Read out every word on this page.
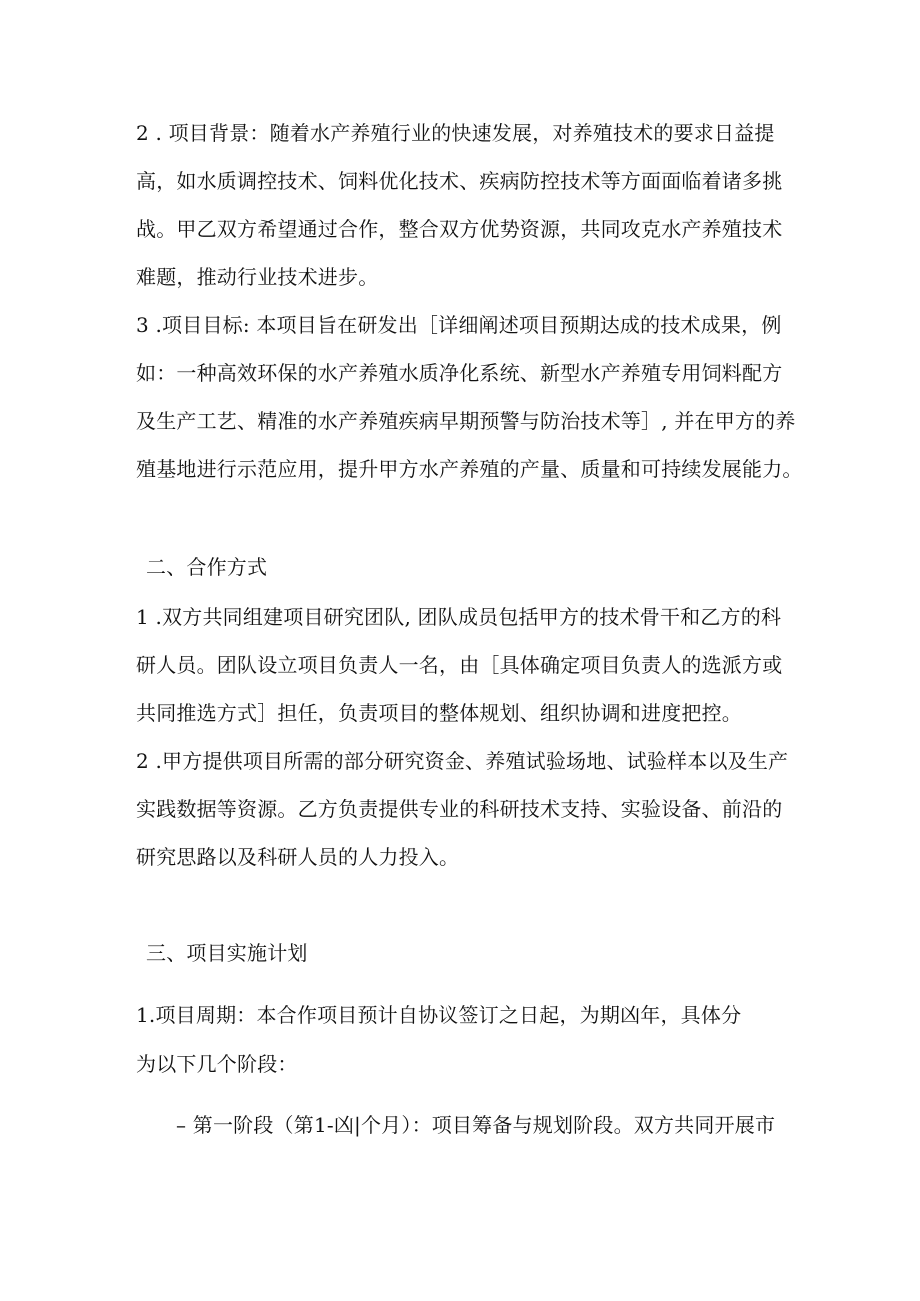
2 . 项目背景：随着水产养殖行业的快速发展，对养殖技术的要求日益提
高，如水质调控技术、饲料优化技术、疾病防控技术等方面面临着诸多挑
战。甲乙双方希望通过合作，整合双方优势资源，共同攻克水产养殖技术
难题，推动行业技术进步。
3 .项目目标: 本项目旨在研发出［详细阐述项目预期达成的技术成果，例
如：一种高效环保的水产养殖水质净化系统、新型水产养殖专用饲料配方
及生产工艺、精准的水产养殖疾病早期预警与防治技术等］, 并在甲方的养
殖基地进行示范应用，提升甲方水产养殖的产量、质量和可持续发展能力。
二、合作方式
1 .双方共同组建项目研究团队, 团队成员包括甲方的技术骨干和乙方的科
研人员。团队设立项目负责人一名，由［具体确定项目负责人的选派方或
共同推选方式］担任，负责项目的整体规划、组织协调和进度把控。
2 .甲方提供项目所需的部分研究资金、养殖试验场地、试验样本以及生产
实践数据等资源。乙方负责提供专业的科研技术支持、实验设备、前沿的
研究思路以及科研人员的人力投入。
三、项目实施计划
1.项目周期：本合作项目预计自协议签订之日起，为期凶年，具体分
为以下几个阶段：
– 第一阶段（第1-凶|个月）：项目筹备与规划阶段。双方共同开展市
